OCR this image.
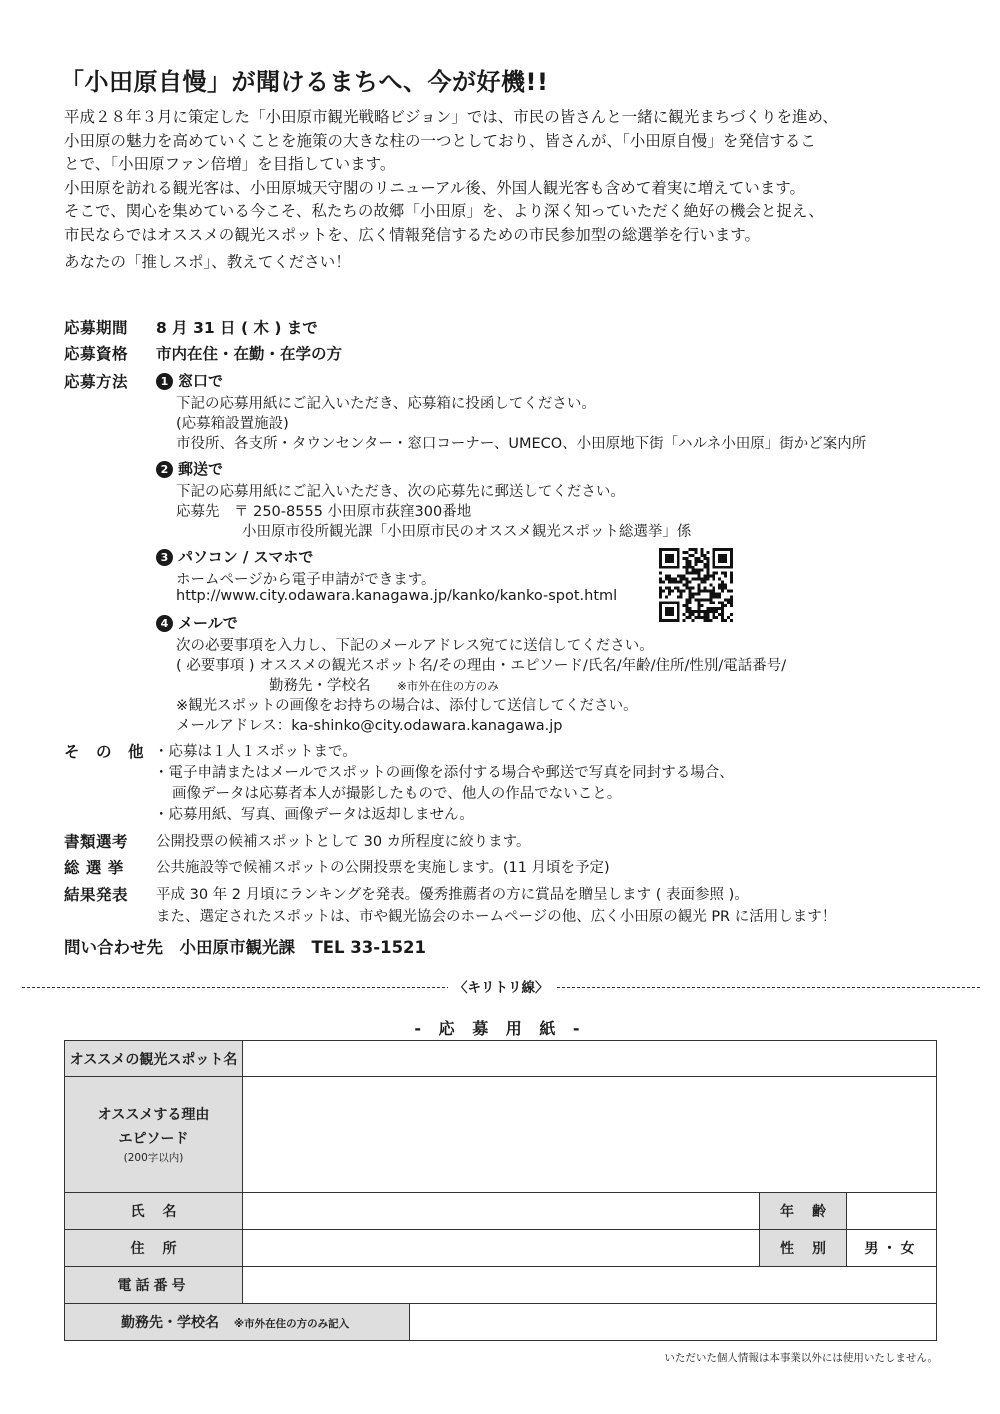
「小田原自慢」が聞けるまちへ、今が好機!!

平成２８年３月に策定した「小田原市観光戦略ビジョン」では、市民の皆さんと一緒に観光まちづくりを進め、

小田原の魅力を高めていくことを施策の大きな柱の一つとしており、皆さんが、「小田原自慢」を発信するこ

とで、「小田原ファン倍増」を目指しています。

小田原を訪れる観光客は、小田原城天守閣のリニューアル後、外国人観光客も含めて着実に増えています。

そこで、関心を集めている今こそ、私たちの故郷「小田原」を、より深く知っていただく絶好の機会と捉え、

市民ならではオススメの観光スポットを、広く情報発信するための市民参加型の総選挙を行います。

あなたの「推しスポ」、教えてください！

応募期間 8 月 31 日 ( 木 ) まで
応募資格 市内在住・在勤・在学の方
応募方法	1 窓口で
下記の応募用紙にご記入いただき、応募箱に投函してください。
(応募箱設置施設)
市役所、各支所・タウンセンター・窓口コーナー、UMECO、小田原地下街「ハルネ小田原」街かど案内所
2 郵送で
下記の応募用紙にご記入いただき、次の応募先に郵送してください。
応募先　〒 250-8555 小田原市荻窪300番地
小田原市役所観光課「小田原市民のオススメ観光スポット総選挙」係
3 パソコン / スマホで
ホームページから電子申請ができます。
http://www.city.odawara.kanagawa.jp/kanko/kanko-spot.html
4 メールで
次の必要事項を入力し、下記のメールアドレス宛てに送信してください。
( 必要事項 ) オススメの観光スポット名/その理由・エピソード/氏名/年齢/住所/性別/電話番号/
勤務先・学校名 ※市外在住の方のみ
※観光スポットの画像をお持ちの場合は、添付して送信してください。
メールアドレス：ka-shinko@city.odawara.kanagawa.jp
そ　の　他 ・応募は１人１スポットまで。
・電子申請またはメールでスポットの画像を添付する場合や郵送で写真を同封する場合、
画像データは応募者本人が撮影したもので、他人の作品でないこと。
・応募用紙、写真、画像データは返却しません。
書類選考 公開投票の候補スポットとして 30 カ所程度に絞ります。
総 選 挙 公共施設等で候補スポットの公開投票を実施します。(11 月頃を予定)
結果発表 平成 30 年 2 月頃にランキングを発表。優秀推薦者の方に賞品を贈呈します ( 表面参照 )。
また、選定されたスポットは、市や観光協会のホームページの他、広く小田原の観光 PR に活用します！
問い合わせ先　小田原市観光課　TEL 33-1521
〈キリトリ線〉
- 応 募 用 紙 -
オススメの観光スポット名				

オススメする理由
エピソード
(200字以内)				

氏名			年齢	
住所			性別	男・女
電話番号				
勤務先・学校名 ※市外在住の方のみ記入				
いただいた個人情報は本事業以外には使用いたしません。
